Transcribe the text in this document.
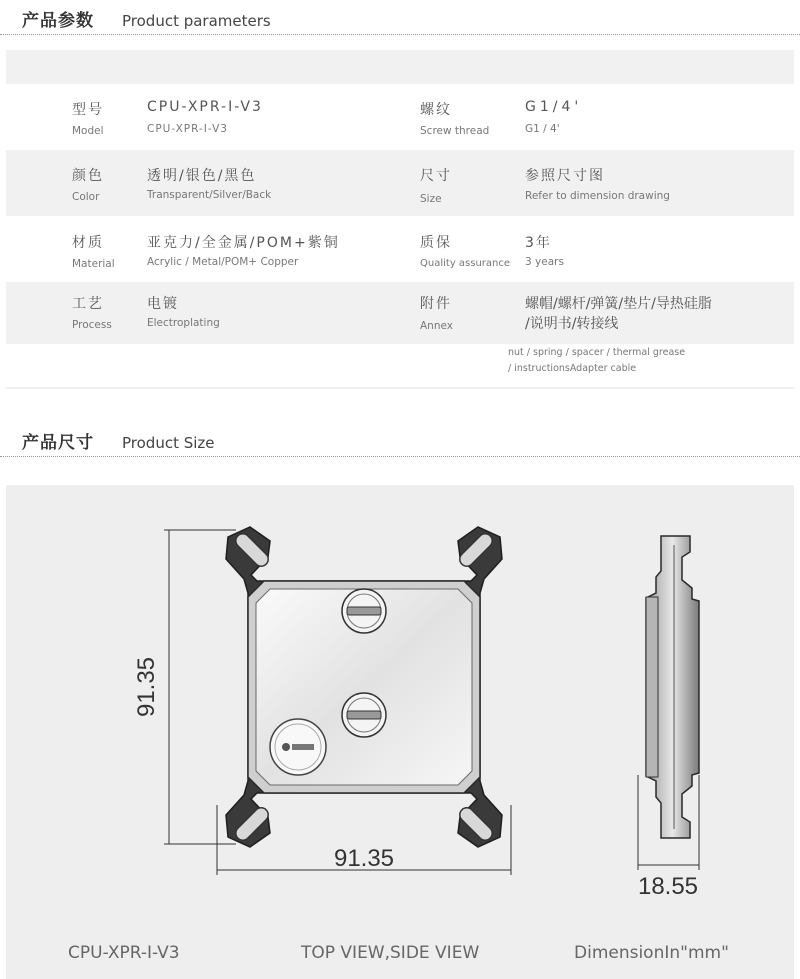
产品参数 Product parameters
型号
Model
CPU-XPR-I-V3
CPU-XPR-I-V3
螺纹
Screw thread
G1/4'
G1 / 4'
颜色
Color
透明/银色/黑色
Transparent/Silver/Back
尺寸
Size
参照尺寸图
Refer to dimension drawing
材质
Material
亚克力/全金属/POM+紫铜
Acrylic / Metal/POM+ Copper
质保
Quality assurance
3年
3 years
工艺
Process
电镀
Electroplating
附件
Annex
螺帽/螺杆/弹簧/垫片/导热硅脂
/说明书/转接线
nut / spring / spacer / thermal grease
/ instructionsAdapter cable
产品尺寸 Product Size
91.35
91.35
18.55
CPU-XPR-I-V3	TOP VIEW,SIDE VIEW	DimensionIn"mm"
